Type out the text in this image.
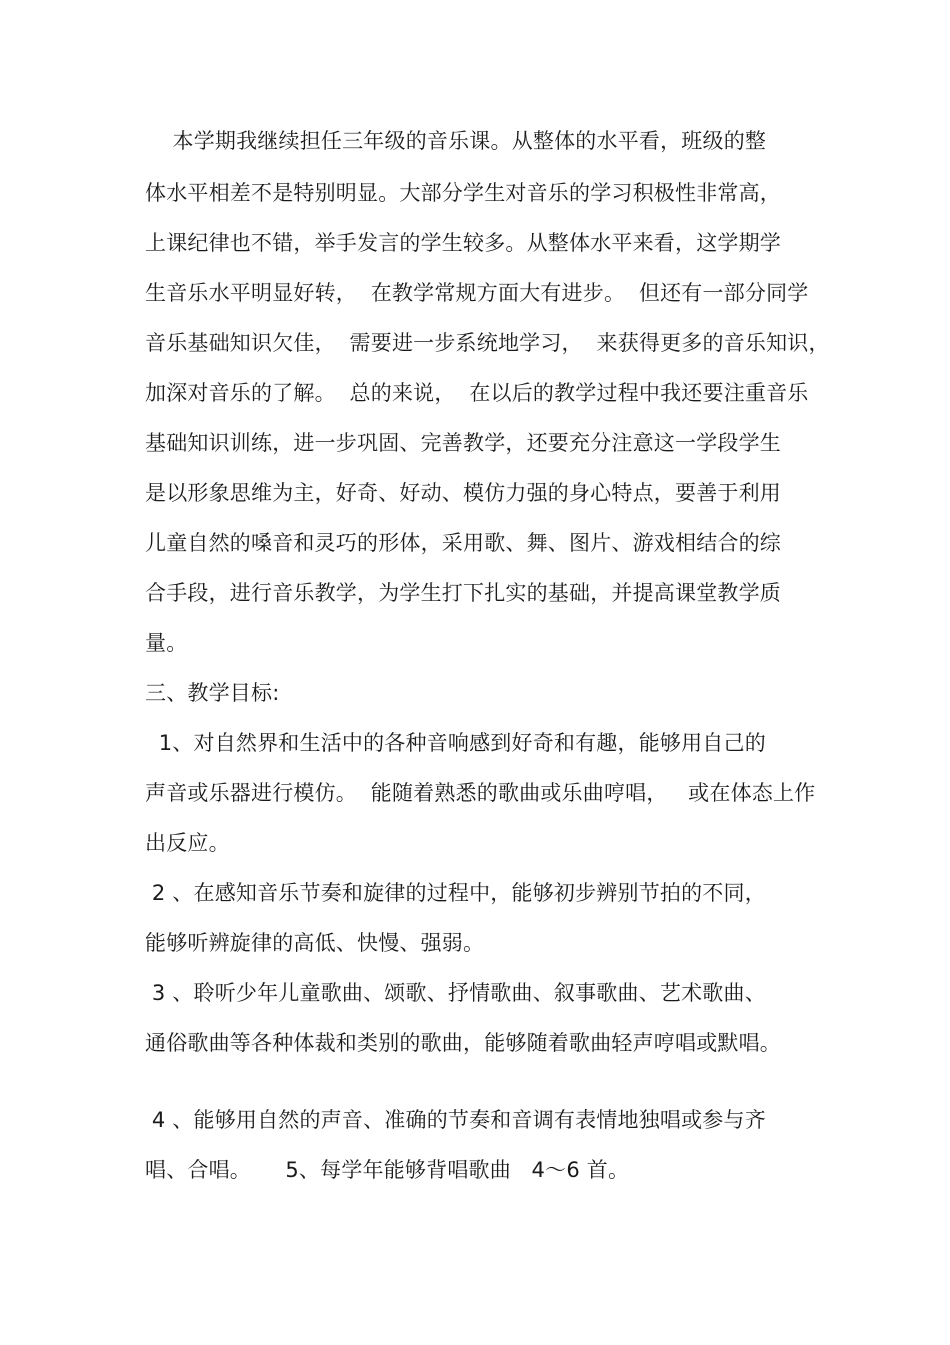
本学期我继续担任三年级的音乐课。从整体的水平看，班级的整
体水平相差不是特别明显。大部分学生对音乐的学习积极性非常高，
上课纪律也不错，举手发言的学生较多。从整体水平来看，这学期学
生音乐水平明显好转，  在教学常规方面大有进步。  但还有一部分同学
音乐基础知识欠佳，  需要进一步系统地学习，  来获得更多的音乐知识，
加深对音乐的了解。  总的来说，  在以后的教学过程中我还要注重音乐
基础知识训练，进一步巩固、完善教学，还要充分注意这一学段学生
是以形象思维为主，好奇、好动、模仿力强的身心特点，要善于利用
儿童自然的嗓音和灵巧的形体，采用歌、舞、图片、游戏相结合的综
合手段，进行音乐教学，为学生打下扎实的基础，并提高课堂教学质
量。
三、教学目标:
1、对自然界和生活中的各种音响感到好奇和有趣，能够用自己的
声音或乐器进行模仿。  能随着熟悉的歌曲或乐曲哼唱，   或在体态上作
出反应。
2 、在感知音乐节奏和旋律的过程中，能够初步辨别节拍的不同，
能够听辨旋律的高低、快慢、强弱。
3 、聆听少年儿童歌曲、颂歌、抒情歌曲、叙事歌曲、艺术歌曲、
通俗歌曲等各种体裁和类别的歌曲，能够随着歌曲轻声哼唱或默唱。
4 、能够用自然的声音、准确的节奏和音调有表情地独唱或参与齐
唱、合唱。     5、每学年能够背唱歌曲   4～6 首。
